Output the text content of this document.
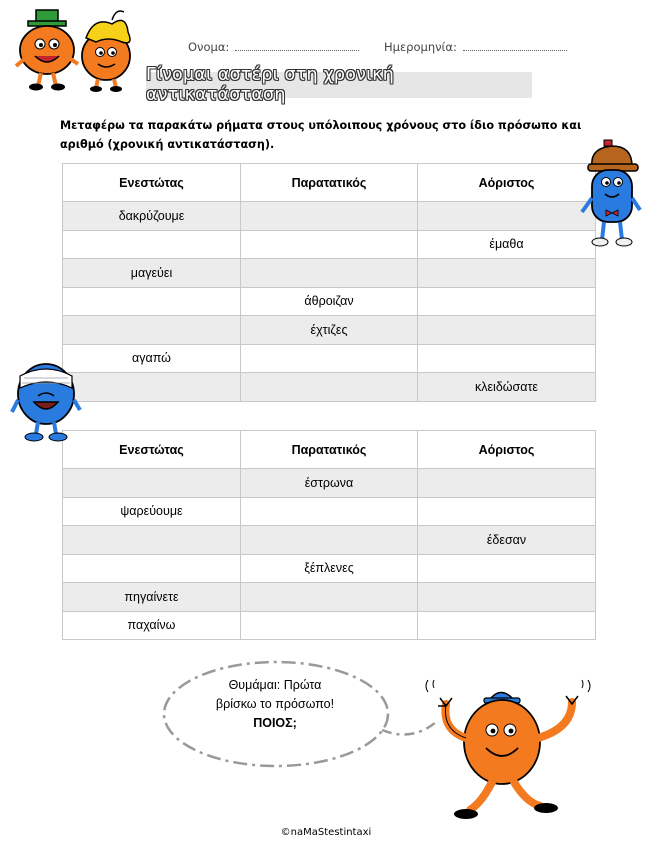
Ονομα:	Ημερομηνία:
Γίνομαι αστέρι στη χρονική αντικατάσταση
Μεταφέρω τα παρακάτω ρήματα στους υπόλοιπους χρόνους στο ίδιο πρόσωπο και αριθμό (χρονική αντικατάσταση).
Ενεστώτας	Παρατατικός	Αόριστος
δακρύζουμε		
		έμαθα
μαγεύει		
	άθροιζαν	
	έχτιζες	
αγαπώ		
		κλειδώσατε
Ενεστώτας	Παρατατικός	Αόριστος
	έστρωνα	
ψαρεύουμε		
		έδεσαν
	ξέπλενες	
πηγαίνετε		
παχαίνω		
Θυμάμαι: Πρώτα
βρίσκω το πρόσωπο!
ΠΟΙΟΣ;
©naMaStestintaxi
